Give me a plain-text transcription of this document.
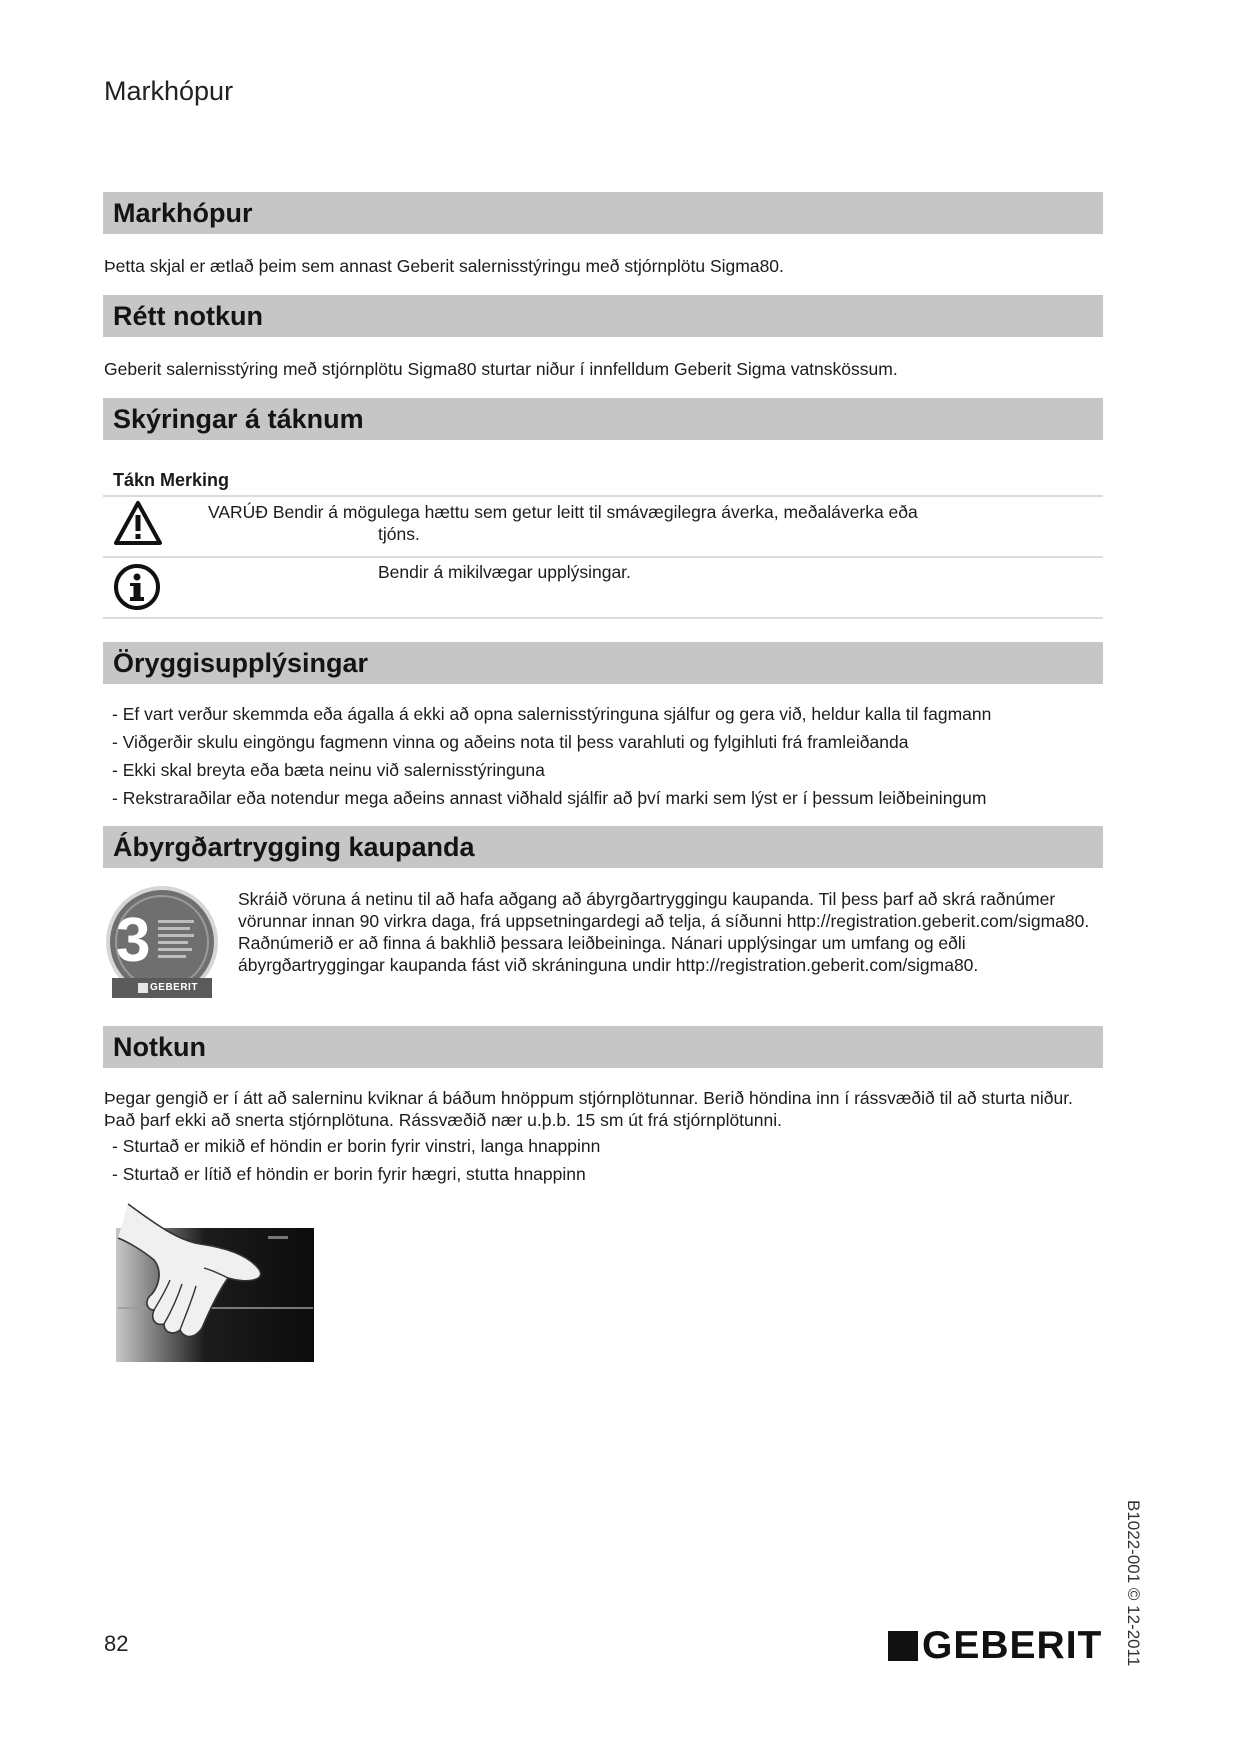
Markhópur
Markhópur
Þetta skjal er ætlað þeim sem annast Geberit salernisstýringu með stjórnplötu Sigma80.
Rétt notkun
Geberit salernisstýring með stjórnplötu Sigma80 sturtar niður í innfelldum Geberit Sigma vatnskössum.
Skýringar á táknum
Tákn Merking
VARÚÐ Bendir á mögulega hættu sem getur leitt til smávægilegra áverka, meðaláverka eða
tjóns.
Bendir á mikilvægar upplýsingar.
Öryggisupplýsingar
- Ef vart verður skemmda eða ágalla á ekki að opna salernisstýringuna sjálfur og gera við, heldur kalla til fagmann
- Viðgerðir skulu eingöngu fagmenn vinna og aðeins nota til þess varahluti og fylgihluti frá framleiðanda
- Ekki skal breyta eða bæta neinu við salernisstýringuna
- Rekstraraðilar eða notendur mega aðeins annast viðhald sjálfir að því marki sem lýst er í þessum leiðbeiningum
Ábyrgðartrygging kaupanda
3
GEBERIT
Skráið vöruna á netinu til að hafa aðgang að ábyrgðartryggingu kaupanda. Til þess þarf að skrá raðnúmer vörunnar innan 90 virkra daga, frá uppsetningardegi að telja, á síðunni http://registration.geberit.com/sigma80. Raðnúmerið er að finna á bakhlið þessara leiðbeininga. Nánari upplýsingar um umfang og eðli ábyrgðartryggingar kaupanda fást við skráninguna undir http://registration.geberit.com/sigma80.
Notkun
Þegar gengið er í átt að salerninu kviknar á báðum hnöppum stjórnplötunnar. Berið höndina inn í rássvæðið til að sturta niður. Það þarf ekki að snerta stjórnplötuna. Rássvæðið nær u.þ.b. 15 sm út frá stjórnplötunni.
- Sturtað er mikið ef höndin er borin fyrir vinstri, langa hnappinn
- Sturtað er lítið ef höndin er borin fyrir hægri, stutta hnappinn
82	B1022-001 © 12-2011
GEBERIT
